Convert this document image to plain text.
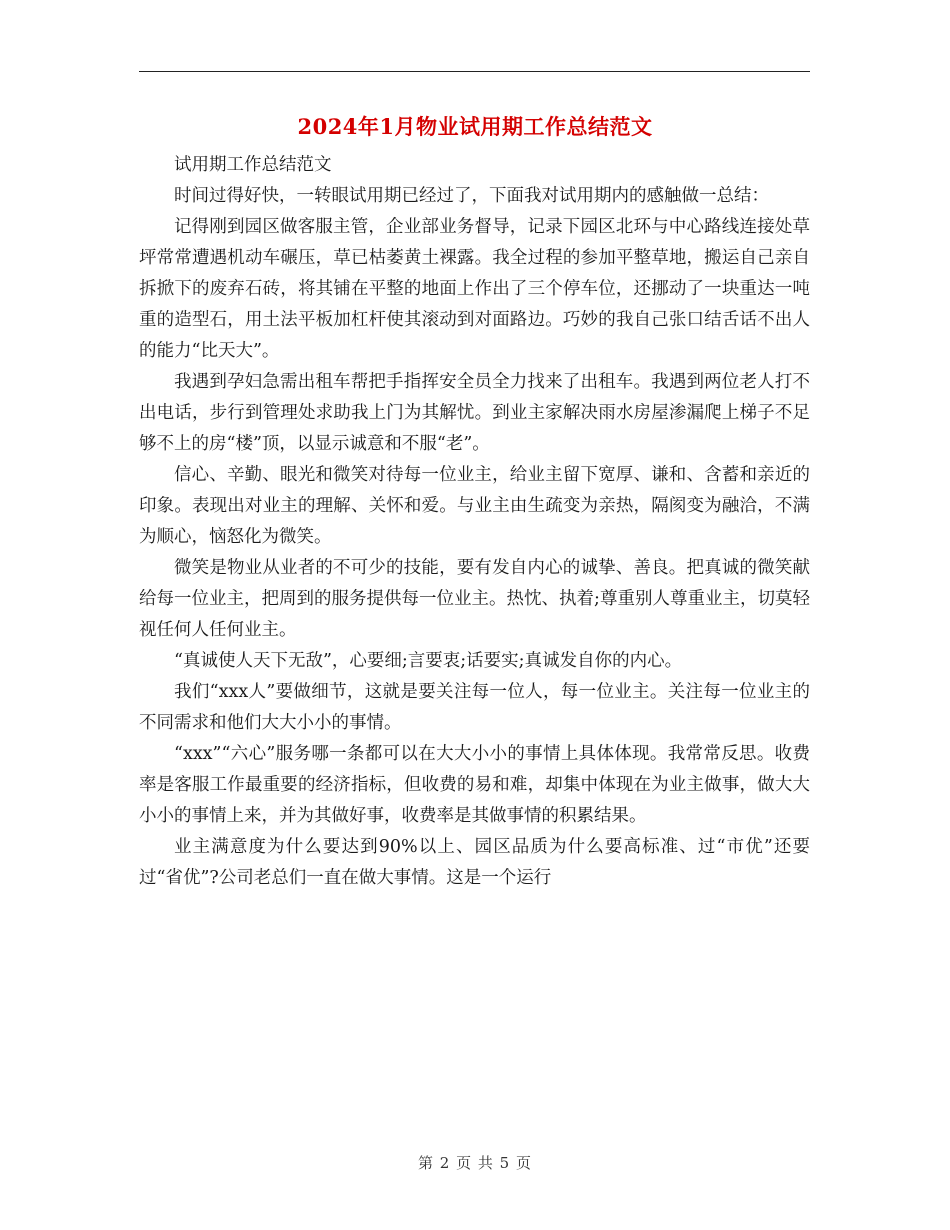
2024年1月物业试用期工作总结范文

试用期工作总结范文

时间过得好快，一转眼试用期已经过了，下面我对试用期内的感触做一总结：

记得刚到园区做客服主管，企业部业务督导，记录下园区北环与中心路线连接处草坪常常遭遇机动车碾压，草已枯萎黄土裸露。我全过程的参加平整草地，搬运自己亲自拆掀下的废弃石砖，将其铺在平整的地面上作出了三个停车位，还挪动了一块重达一吨重的造型石，用土法平板加杠杆使其滚动到对面路边。巧妙的我自己张口结舌话不出人的能力“比天大”。

我遇到孕妇急需出租车帮把手指挥安全员全力找来了出租车。我遇到两位老人打不出电话，步行到管理处求助我上门为其解忧。到业主家解决雨水房屋渗漏爬上梯子不足够不上的房“楼”顶，以显示诚意和不服“老”。

信心、辛勤、眼光和微笑对待每一位业主，给业主留下宽厚、谦和、含蓄和亲近的印象。表现出对业主的理解、关怀和爱。与业主由生疏变为亲热，隔阂变为融洽，不满为顺心，恼怒化为微笑。

微笑是物业从业者的不可少的技能，要有发自内心的诚挚、善良。把真诚的微笑献给每一位业主，把周到的服务提供每一位业主。热忱、执着;尊重别人尊重业主，切莫轻视任何人任何业主。

“真诚使人天下无敌”，心要细;言要衷;话要实;真诚发自你的内心。

我们“xxx人”要做细节，这就是要关注每一位人，每一位业主。关注每一位业主的不同需求和他们大大小小的事情。

“xxx”“六心”服务哪一条都可以在大大小小的事情上具体体现。我常常反思。收费率是客服工作最重要的经济指标，但收费的易和难，却集中体现在为业主做事，做大大小小的事情上来，并为其做好事，收费率是其做事情的积累结果。

业主满意度为什么要达到90%以上、园区品质为什么要高标准、过“市优”还要过“省优”?公司老总们一直在做大事情。这是一个运行

第 2 页 共 5 页
